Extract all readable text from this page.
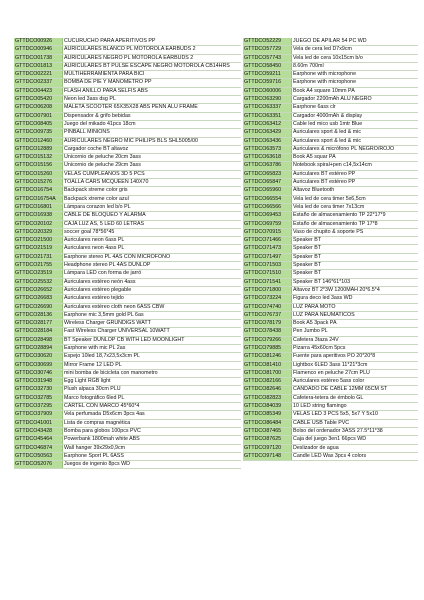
GTTDCO00926	CUCURUCHO PARA APERITIVOS PP
GTTDCO00946	AURICULARES BLANCO PL MOTOROLA EARBUDS 2
GTTDCO01738	AURICULARES NEGRO PL MOTOROLA EARBUDS 2
GTTDCO01813	AURICULARES BT PULSE ESCAPE NEGRO MOTOROLA CB14HRS
GTTDCO02221	MULTIHERRAMIENTA PARA BICI
GTTDCO02337	BOMBA DE PIE Y MANOMETRO PP
GTTDCO04423	FLASH ANILLO PARA SELFIS ABS
GTTDCO05420	Neon led 3ass dsg PL
GTTDCO06208	MALETA SCOOTER 65X35X28 ABS PENN ALU FRAME
GTTDCO07901	Dispensador & grifo bebidas
GTTDCO08405	Juego del mikado 41pcs 18cm
GTTDCO09735	PINBALL MINIONS
GTTDCO12460	AURICULARES NEGRO MIC PHILIPS BLS SHL5005/00
GTTDCO12889	Cargador coche BT altavoz
GTTDCO15132	Unicornio de peluche 20cm 3ass
GTTDCO15156	Unicornio de peluche 29cm 3ass
GTTDCO15260	VELAS CUMPLEAÑOS 3D 5 PCS
GTTDCO15276	TOALLA CARS MCQUEEN 140X70
GTTDCO16754	Backpack streme color gris
GTTDCO16754A	Backpack xtreme color azul
GTTDCO16801	Lámpara corazon led b/o PL
GTTDCO16938	CABLE DE BLOQUEO Y ALARMA
GTTDCO20102	CAJA LUZ AS, 5 LED 60 LETRAS
GTTDCO20329	soccer goal 78*56*45
GTTDCO21500	Auriculares neon 6ass PL
GTTDCO21519	Auriculares neon 4ass PL
GTTDCO21731	Earphone stereo PL 4AS CON MICRÓFONO
GTTDCO21755	Headphone stereo PL 4AS DUNLOP
GTTDCO23519	Lámpara LED con forma de jarró
GTTDCO25532	Auriculares estéreo neón 4ass
GTTDCO26652	Auriculares estéreo plegable
GTTDCO26683	Auriculares estéreo tejido
GTTDCO26690	Auriculares estéreo cloth neon 6ASS CBW
GTTDCO28136	Earphone mic 3,5mm gold PL 6as
GTTDCO28177	Wireless Charger GRUNDIGS WATT
GTTDCO28184	Fast Wireless Charger UNIVERSAL 10WATT
GTTDCO28498	BT Speaker DUNLOP CB WITH LED MOONLIGHT
GTTDCO28894	Earphone with mic PL 2as
GTTDCO30620	Espejo 10led 18,7x23,5x3cm PL
GTTDCO30699	Mirror Frame 12 LED PL
GTTDCO30746	mini bomba de bicicleta con manometro
GTTDCO31948	Egg Light RGB light
GTTDCO32730	Plush alpaca 30cm PLU
GTTDCO32785	Marco fotográfico 6led PL
GTTDCO37295	CARTEL CON MARCO 45*60*4
GTTDCO37909	Vela perfumada D5x6cm 3pcs 4as
GTTDCO41001	Lista de compras magnética
GTTDCO43428	Bomba para globos 100pcs PVC
GTTDCO45464	Powerbank 1800mah white ABS
GTTDCO46874	Wall hanger 39x29x0,9cm
GTTDCO50563	Earphone Sport PL 6ASS
GTTDCO52076	Juegos de ingenio 8pcs WD
GTTDCO52229	JUEGO DE APILAR 54 PC WD
GTTDCO57729	Vela de cera led D7x9cm
GTTDCO57743	Vela led de cera 10x15cm b/o
GTTDCO58450	8.60m 700ml
GTTDCO59211	Earphone with microphone
GTTDCO59716	Earphone with microphone
GTTDCO60006	Book A4 square 10mm PA
GTTDCO63290	Cargador 2200mAh ALU NEGRO
GTTDCO63337	Earphone 6ass clr
GTTDCO63351	Cargador 4000mAh & display
GTTDCO63412	Cable led mico usb 1mtr Blue
GTTDCO63429	Auriculares sport & led & mic
GTTDCO63436	Auriculares sport & led & mic
GTTDCO63573	Auriculares & micrófono PL NEGRO/ROJO
GTTDCO63618	Book A5 squar PA
GTTDCO63786	Notebook spiral+pen c14,5x14cm
GTTDCO65823	Auriculares BT estéreo PP
GTTDCO65847	Auriculares BT estéreo PP
GTTDCO65960	Altavoz Bluetooth
GTTDCO66554	Vela led de cera timer 5x6,5cm
GTTDCO66566	Vela led de cera timer 7x13cm
GTTDCO69453	Estaño de almacenamiento TP 22*17*9
GTTDCO69759	Estaño de almacenamiento TP 17*8
GTTDCO70915	Vaso de chupito & soporte PS
GTTDCO71466	Speaker BT
GTTDCO71473	Speaker BT
GTTDCO71497	Speaker BT
GTTDCO71503	Speaker BT
GTTDCO71510	Speaker BT
GTTDCO71541	Speaker BT 146*61*103
GTTDCO71800	Altavoz BT 2*3W 1200MAH 20*6.5*4
GTTDCO73224	Figura deco led 3ass WD
GTTDCO74740	LUZ PARA MOTO
GTTDCO76737	LUZ PARA NEUMATICOS
GTTDCO78179	Book A5 3pack PA
GTTDCO78438	Pen Jumbo PL
GTTDCO79266	Cafetera 3taza 24V
GTTDCO79885	Pizarra 45x60cm 5pcs
GTTDCO81246	Fuente para aperitivos PO 20*20*8
GTTDCO81410	Lightbox 6LED 3ass 11*21*3cm
GTTDCO81700	Flamenco en peluche 27cm PLU
GTTDCO82166	Auriculares estéreo 5ass color
GTTDCO82646	CANDADO DE CABLE 12MM 65CM ST
GTTDCO82823	Cafetera-tetera de émbolo GL
GTTDCO84039	10 LED string flamingo
GTTDCO85349	VELAS LED 3 PCS 5x5, 5x7 Y 5x10
GTTDCO86484	CABLE USB Table PVC
GTTDCO87465	Bolso del ordenador 3ASS 27.5*11*38
GTTDCO87625	Caja del juego 3en1 66pcs WD
GTTDCO97120	Deslizador de agua
GTTDCO97148	Candle LED Wax 3pcs 4 colors
